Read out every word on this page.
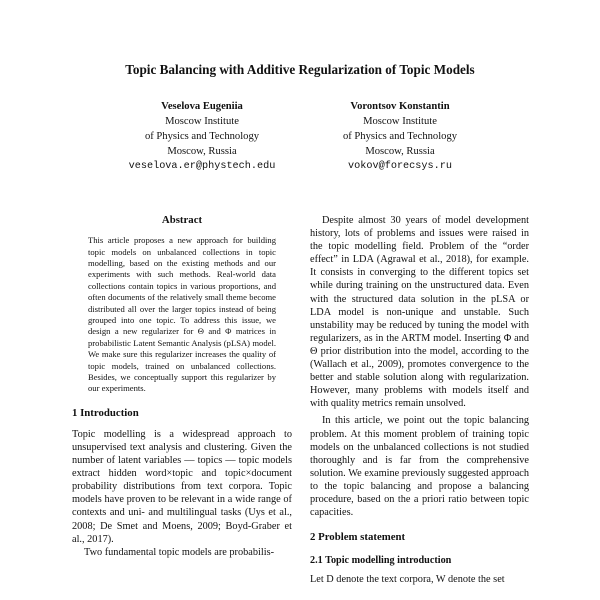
Topic Balancing with Additive Regularization of Topic Models
Veselova Eugeniia
Moscow Institute
of Physics and Technology
Moscow, Russia
veselova.er@phystech.edu
Vorontsov Konstantin
Moscow Institute
of Physics and Technology
Moscow, Russia
vokov@forecsys.ru
Abstract

This article proposes a new approach for building topic models on unbalanced collections in topic modelling, based on the existing methods and our experiments with such methods. Real-world data collections contain topics in various proportions, and often documents of the relatively small theme become distributed all over the larger topics instead of being grouped into one topic. To address this issue, we design a new regularizer for Θ and Φ matrices in probabilistic Latent Semantic Analysis (pLSA) model. We make sure this regularizer increases the quality of topic models, trained on unbalanced collections. Besides, we conceptually support this regularizer by our experiments.

1 Introduction

Topic modelling is a widespread approach to unsupervised text analysis and clustering. Given the number of latent variables — topics — topic models extract hidden word×topic and topic×document probability distributions from text corpora. Topic models have proven to be relevant in a wide range of contexts and uni- and multilingual tasks (Uys et al., 2008; De Smet and Moens, 2009; Boyd-Graber et al., 2017).

Two fundamental topic models are probabilis-

Despite almost 30 years of model development history, lots of problems and issues were raised in the topic modelling field. Problem of the “order effect” in LDA (Agrawal et al., 2018), for example. It consists in converging to the different topics set while during training on the unstructured data. Even with the structured data solution in the pLSA or LDA model is non-unique and unstable. Such unstability may be reduced by tuning the model with regularizers, as in the ARTM model. Inserting Φ and Θ prior distribution into the model, according to the (Wallach et al., 2009), promotes convergence to the better and stable solution along with regularization. However, many problems with models itself and with quality metrics remain unsolved.

In this article, we point out the topic balancing problem. At this moment problem of training topic models on the unbalanced collections is not studied thoroughly and is far from the comprehensive solution. We examine previously suggested approach to the topic balancing and propose a balancing procedure, based on the a priori ratio between topic capacities.

2 Problem statement
2.1 Topic modelling introduction

Let D denote the text corpora, W denote the set
